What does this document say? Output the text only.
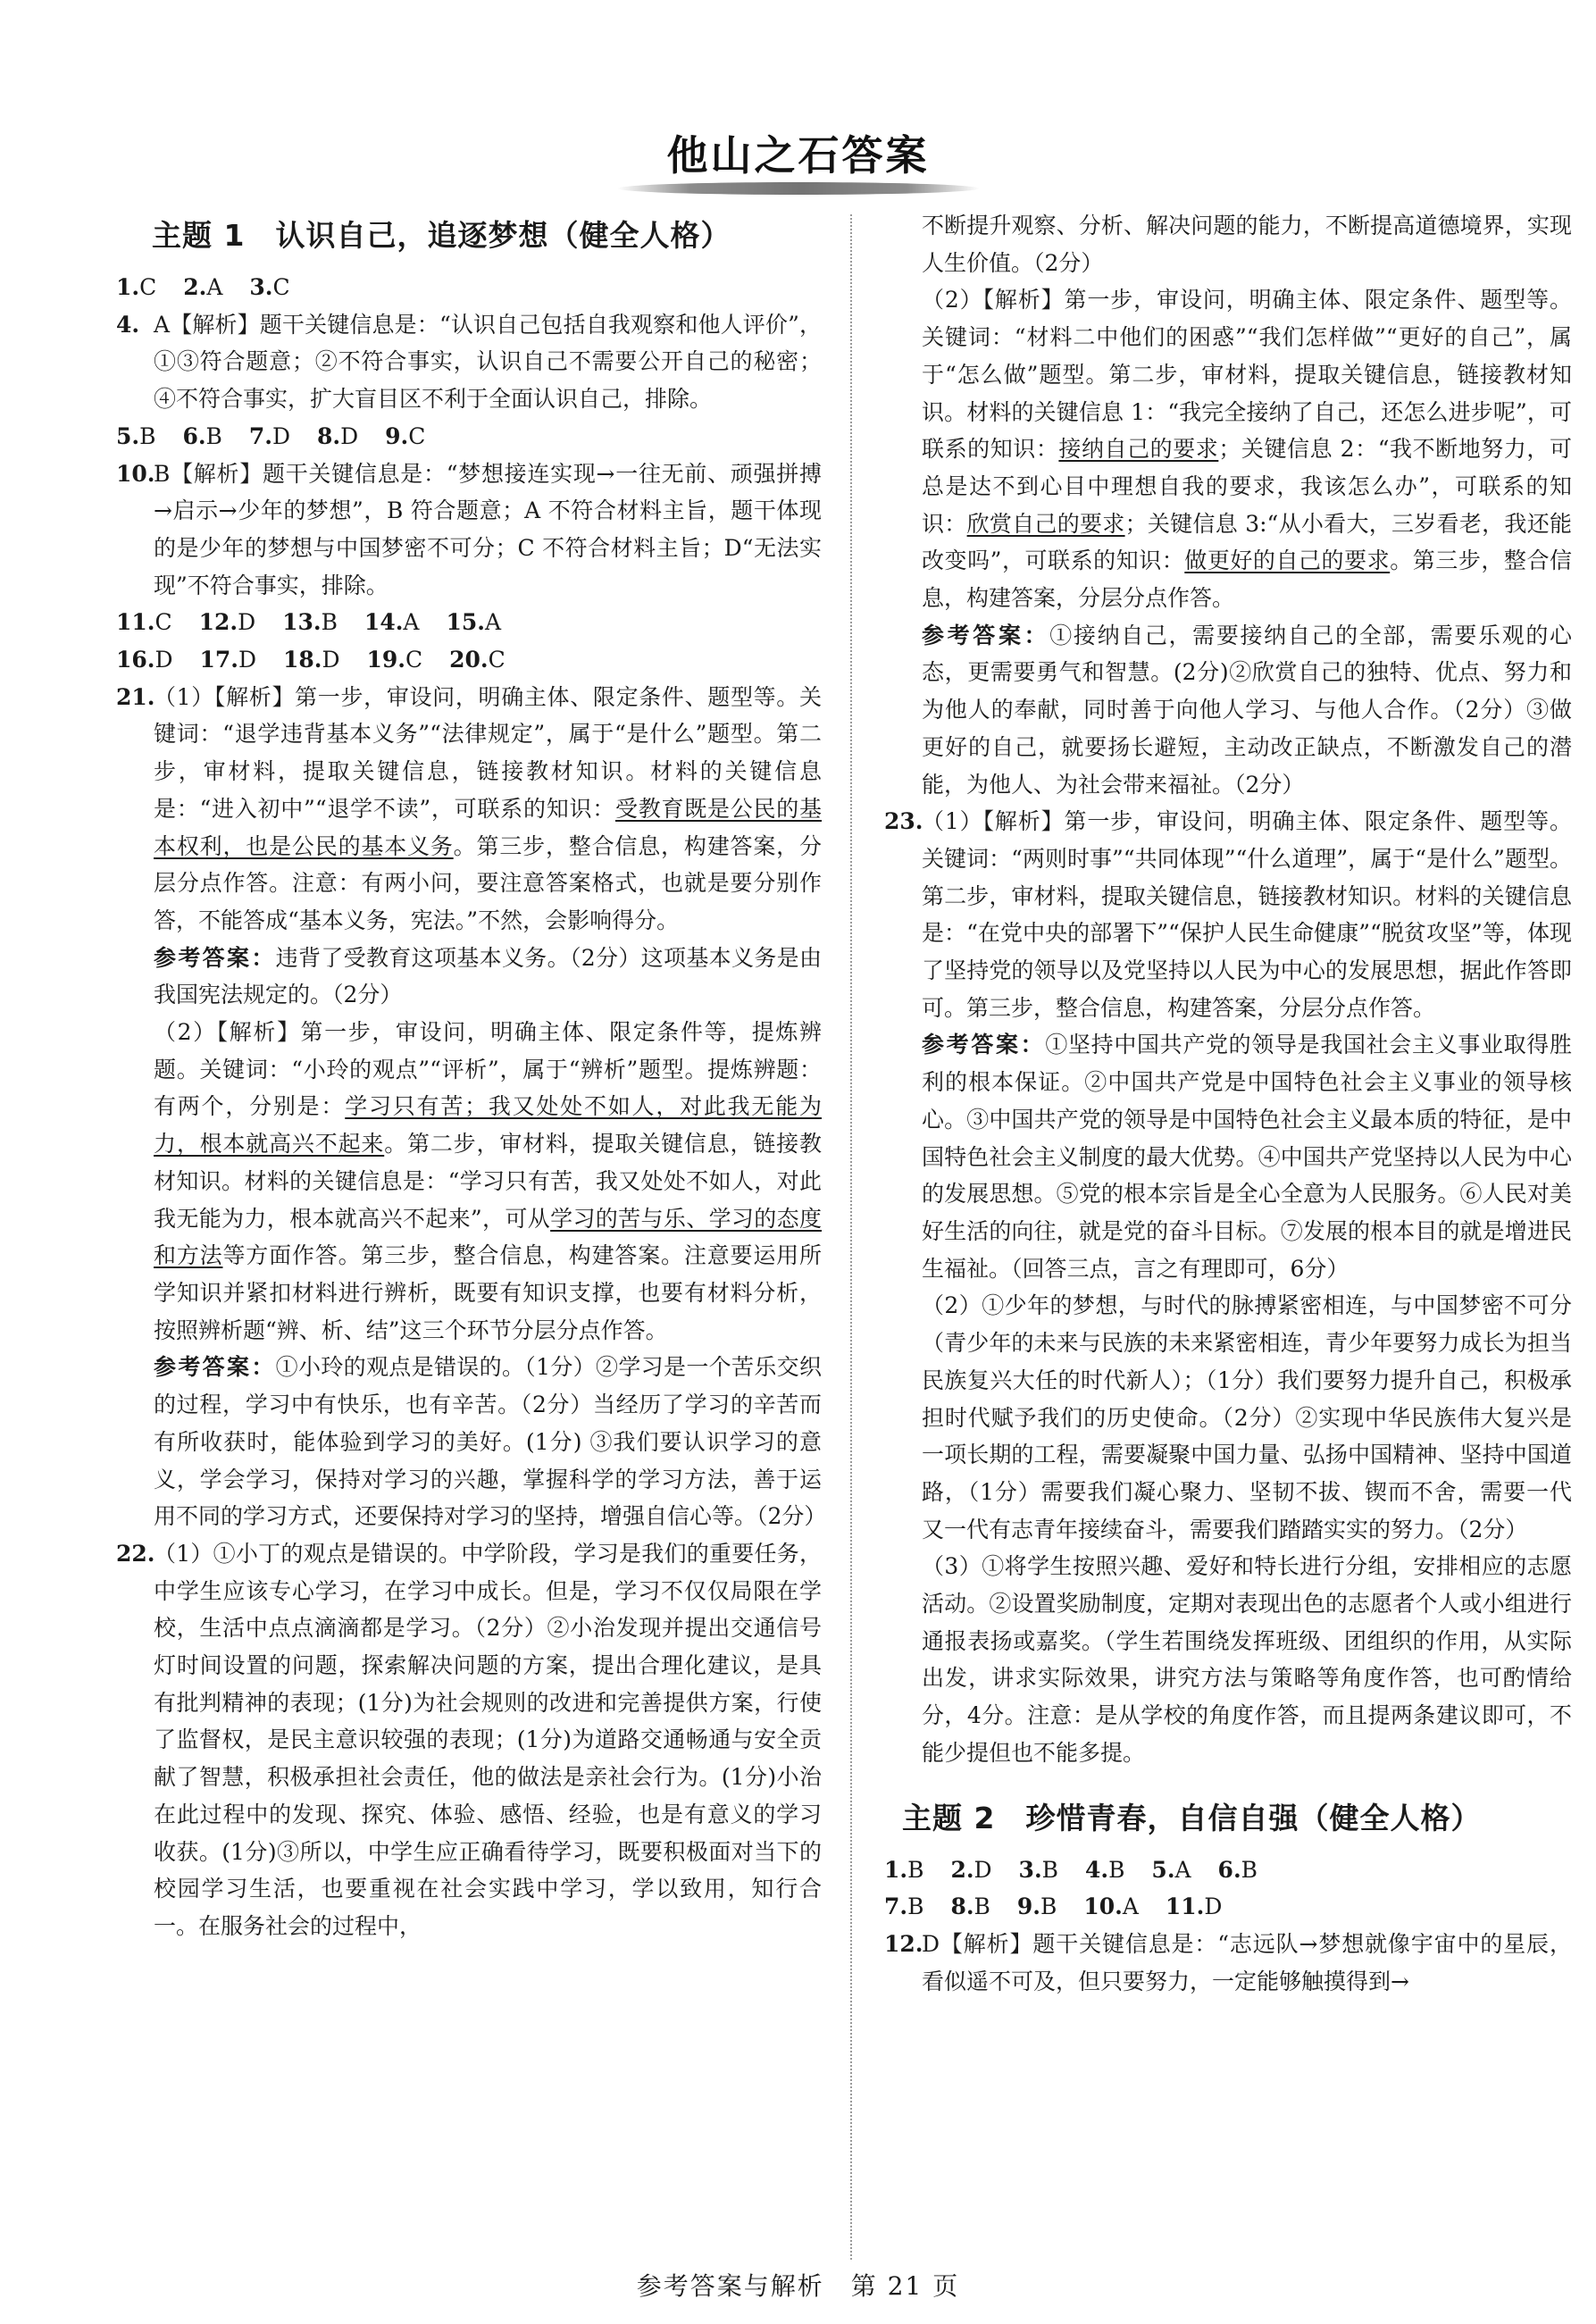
他山之石答案
主题 1　认识自己，追逐梦想（健全人格）
1.C 2.A 3.C
4. A【解析】题干关键信息是：“认识自己包括自我观察和他人评价”，①③符合题意；②不符合事实，认识自己不需要公开自己的秘密；④不符合事实，扩大盲目区不利于全面认识自己，排除。
5.B 6.B 7.D 8.D 9.C
10.
B【解析】题干关键信息是：“梦想接连实现→一往无前、顽强拼搏→启示→少年的梦想”，B 符合题意；A 不符合材料主旨，题干体现的是少年的梦想与中国梦密不可分；C 不符合材料主旨；D“无法实现”不符合事实，排除。
11.C 12.D 13.B 14.A 15.A
16.D 17.D 18.D 19.C 20.C
21.
（1）【解析】第一步，审设问，明确主体、限定条件、题型等。关键词：“退学违背基本义务”“法律规定”，属于“是什么”题型。第二步，审材料，提取关键信息，链接教材知识。材料的关键信息是：“进入初中”“退学不读”，可联系的知识：受教育既是公民的基本权利，也是公民的基本义务。第三步，整合信息，构建答案，分层分点作答。注意：有两小问，要注意答案格式，也就是要分别作答，不能答成“基本义务，宪法。”不然，会影响得分。
参考答案：违背了受教育这项基本义务。（2分）这项基本义务是由我国宪法规定的。（2分）
（2）【解析】第一步，审设问，明确主体、限定条件等，提炼辨题。关键词：“小玲的观点”“评析”，属于“辨析”题型。提炼辨题：有两个，分别是：学习只有苦；我又处处不如人，对此我无能为力，根本就高兴不起来。第二步，审材料，提取关键信息，链接教材知识。材料的关键信息是：“学习只有苦，我又处处不如人，对此我无能为力，根本就高兴不起来”，可从学习的苦与乐、学习的态度和方法等方面作答。第三步，整合信息，构建答案。注意要运用所学知识并紧扣材料进行辨析，既要有知识支撑，也要有材料分析，按照辨析题“辨、析、结”这三个环节分层分点作答。
参考答案：①小玲的观点是错误的。（1分）②学习是一个苦乐交织的过程，学习中有快乐，也有辛苦。（2分）当经历了学习的辛苦而有所收获时，能体验到学习的美好。(1分) ③我们要认识学习的意义，学会学习，保持对学习的兴趣，掌握科学的学习方法，善于运用不同的学习方式，还要保持对学习的坚持，增强自信心等。（2分）
22.
（1）①小丁的观点是错误的。中学阶段，学习是我们的重要任务，中学生应该专心学习，在学习中成长。但是，学习不仅仅局限在学校，生活中点点滴滴都是学习。（2分）②小治发现并提出交通信号灯时间设置的问题，探索解决问题的方案，提出合理化建议，是具有批判精神的表现；(1分)为社会规则的改进和完善提供方案，行使了监督权，是民主意识较强的表现；(1分)为道路交通畅通与安全贡献了智慧，积极承担社会责任，他的做法是亲社会行为。(1分)小治在此过程中的发现、探究、体验、感悟、经验，也是有意义的学习收获。(1分)③所以，中学生应正确看待学习，既要积极面对当下的校园学习生活，也要重视在社会实践中学习，学以致用，知行合一。在服务社会的过程中，
不断提升观察、分析、解决问题的能力，不断提高道德境界，实现人生价值。（2分）
（2）【解析】第一步，审设问，明确主体、限定条件、题型等。关键词：“材料二中他们的困惑”“我们怎样做”“更好的自己”，属于“怎么做”题型。第二步，审材料，提取关键信息，链接教材知识。材料的关键信息 1：“我完全接纳了自己，还怎么进步呢”，可联系的知识：接纳自己的要求；关键信息 2：“我不断地努力，可总是达不到心目中理想自我的要求，我该怎么办”，可联系的知识：欣赏自己的要求；关键信息 3:“从小看大，三岁看老，我还能改变吗”，可联系的知识：做更好的自己的要求。第三步，整合信息，构建答案，分层分点作答。
参考答案：①接纳自己，需要接纳自己的全部，需要乐观的心态，更需要勇气和智慧。(2分)②欣赏自己的独特、优点、努力和为他人的奉献，同时善于向他人学习、与他人合作。（2分）③做更好的自己，就要扬长避短，主动改正缺点，不断激发自己的潜能，为他人、为社会带来福祉。（2分）
23.
（1）【解析】第一步，审设问，明确主体、限定条件、题型等。关键词：“两则时事”“共同体现”“什么道理”，属于“是什么”题型。第二步，审材料，提取关键信息，链接教材知识。材料的关键信息是：“在党中央的部署下”“保护人民生命健康”“脱贫攻坚”等，体现了坚持党的领导以及党坚持以人民为中心的发展思想，据此作答即可。第三步，整合信息，构建答案，分层分点作答。
参考答案：①坚持中国共产党的领导是我国社会主义事业取得胜利的根本保证。②中国共产党是中国特色社会主义事业的领导核心。③中国共产党的领导是中国特色社会主义最本质的特征，是中国特色社会主义制度的最大优势。④中国共产党坚持以人民为中心的发展思想。⑤党的根本宗旨是全心全意为人民服务。⑥人民对美好生活的向往，就是党的奋斗目标。⑦发展的根本目的就是增进民生福祉。（回答三点，言之有理即可，6分）
（2）①少年的梦想，与时代的脉搏紧密相连，与中国梦密不可分（青少年的未来与民族的未来紧密相连，青少年要努力成长为担当民族复兴大任的时代新人）；（1分）我们要努力提升自己，积极承担时代赋予我们的历史使命。（2分）②实现中华民族伟大复兴是一项长期的工程，需要凝聚中国力量、弘扬中国精神、坚持中国道路，（1分）需要我们凝心聚力、坚韧不拔、锲而不舍，需要一代又一代有志青年接续奋斗，需要我们踏踏实实的努力。（2分）
（3）①将学生按照兴趣、爱好和特长进行分组，安排相应的志愿活动。②设置奖励制度，定期对表现出色的志愿者个人或小组进行通报表扬或嘉奖。（学生若围绕发挥班级、团组织的作用，从实际出发，讲求实际效果，讲究方法与策略等角度作答，也可酌情给分，4分。注意：是从学校的角度作答，而且提两条建议即可，不能少提但也不能多提。
主题 2　珍惜青春，自信自强（健全人格）
1.B 2.D 3.B 4.B 5.A 6.B
7.B 8.B 9.B 10.A 11.D
12.
D【解析】题干关键信息是：“志远队→梦想就像宇宙中的星辰，看似遥不可及，但只要努力，一定能够触摸得到→
参考答案与解析　第 21 页
